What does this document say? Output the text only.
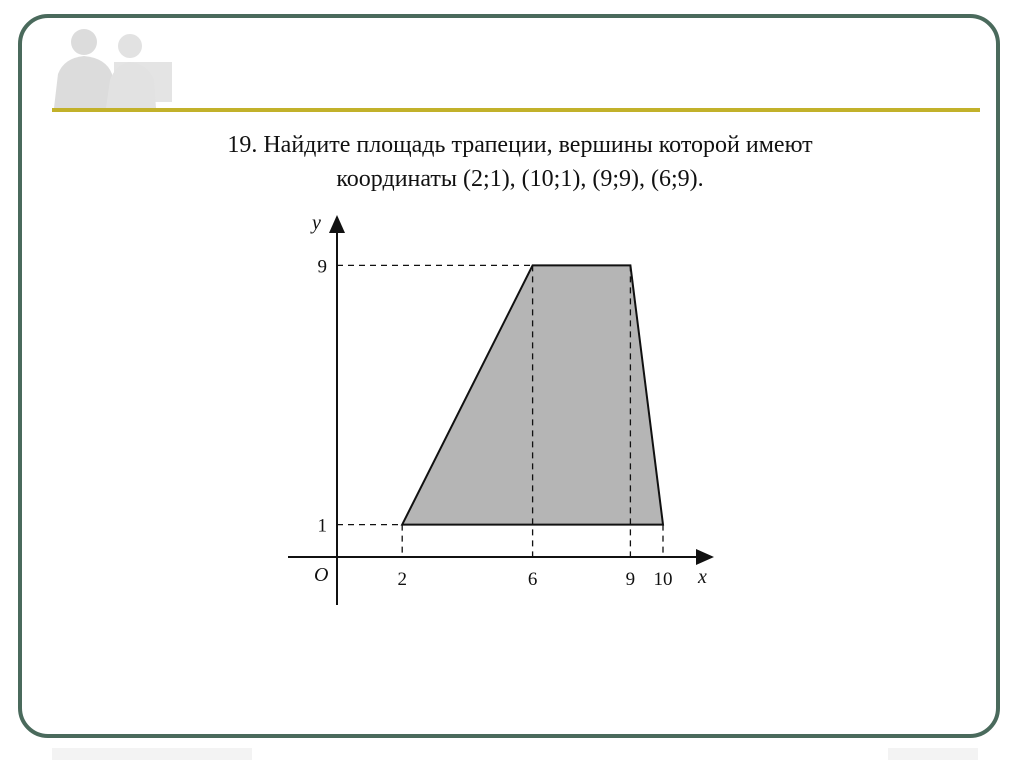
19. Найдите площадь трапеции, вершины которой имеют
координаты (2;1), (10;1), (9;9), (6;9).
y
x
O	2	6	9 10
1
9
